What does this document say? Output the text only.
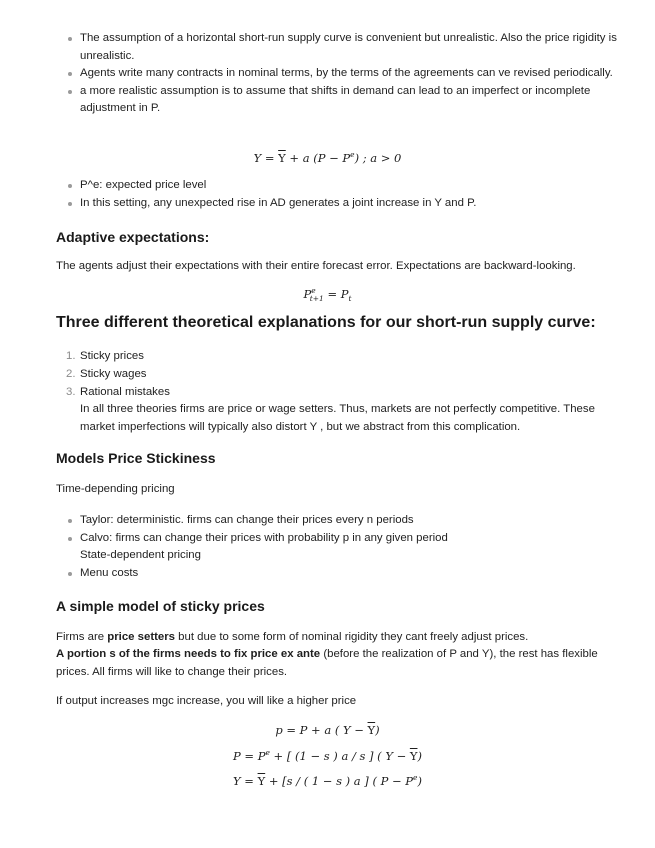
The assumption of a horizontal short-run supply curve is convenient but unrealistic. Also the price rigidity is unrealistic.
Agents write many contracts in nominal terms, by the terms of the agreements can ve revised periodically.
a more realistic assumption is to assume that shifts in demand can lead to an imperfect or incomplete adjustment in P.
$Y = \overline{Y} + a$ $(P - P^e)$ ; a > 0
P^e: expected price level
In this setting, any unexpected rise in AD generates a joint increase in Y and P.
Adaptive expectations:

The agents adjust their expectations with their entire forecast error. Expectations are backward-looking.

$P^e_{t+1} = P_t$
Three different theoretical explanations for our short-run supply curve:
1. Sticky prices
2. Sticky wages
3. Rational mistakes

In all three theories firms are price or wage setters. Thus, markets are not perfectly competitive. These market imperfections will typically also distort Y , but we abstract from this complication.

Models Price Stickiness

Time-depending pricing

Taylor: deterministic. firms can change their prices every n periods
Calvo: firms can change their prices with probability p in any given period

State-dependent pricing

Menu costs
A simple model of sticky prices

Firms are price setters but due to some form of nominal rigidity they cant freely adjust prices.

A portion s of the firms needs to fix price ex ante (before the realization of P and Y), the rest has flexible prices. All firms will like to change their prices.

If output increases mgc increase, you will like a higher price

p = P + a ( $Y - \overline{Y}$)
$P = P^e$ + [ (1 − s ) a / s ] ( $Y - \overline{Y}$)
$Y = \overline{Y} + [s$ / ( 1 − s ) a ] ( $P - P^e$)
